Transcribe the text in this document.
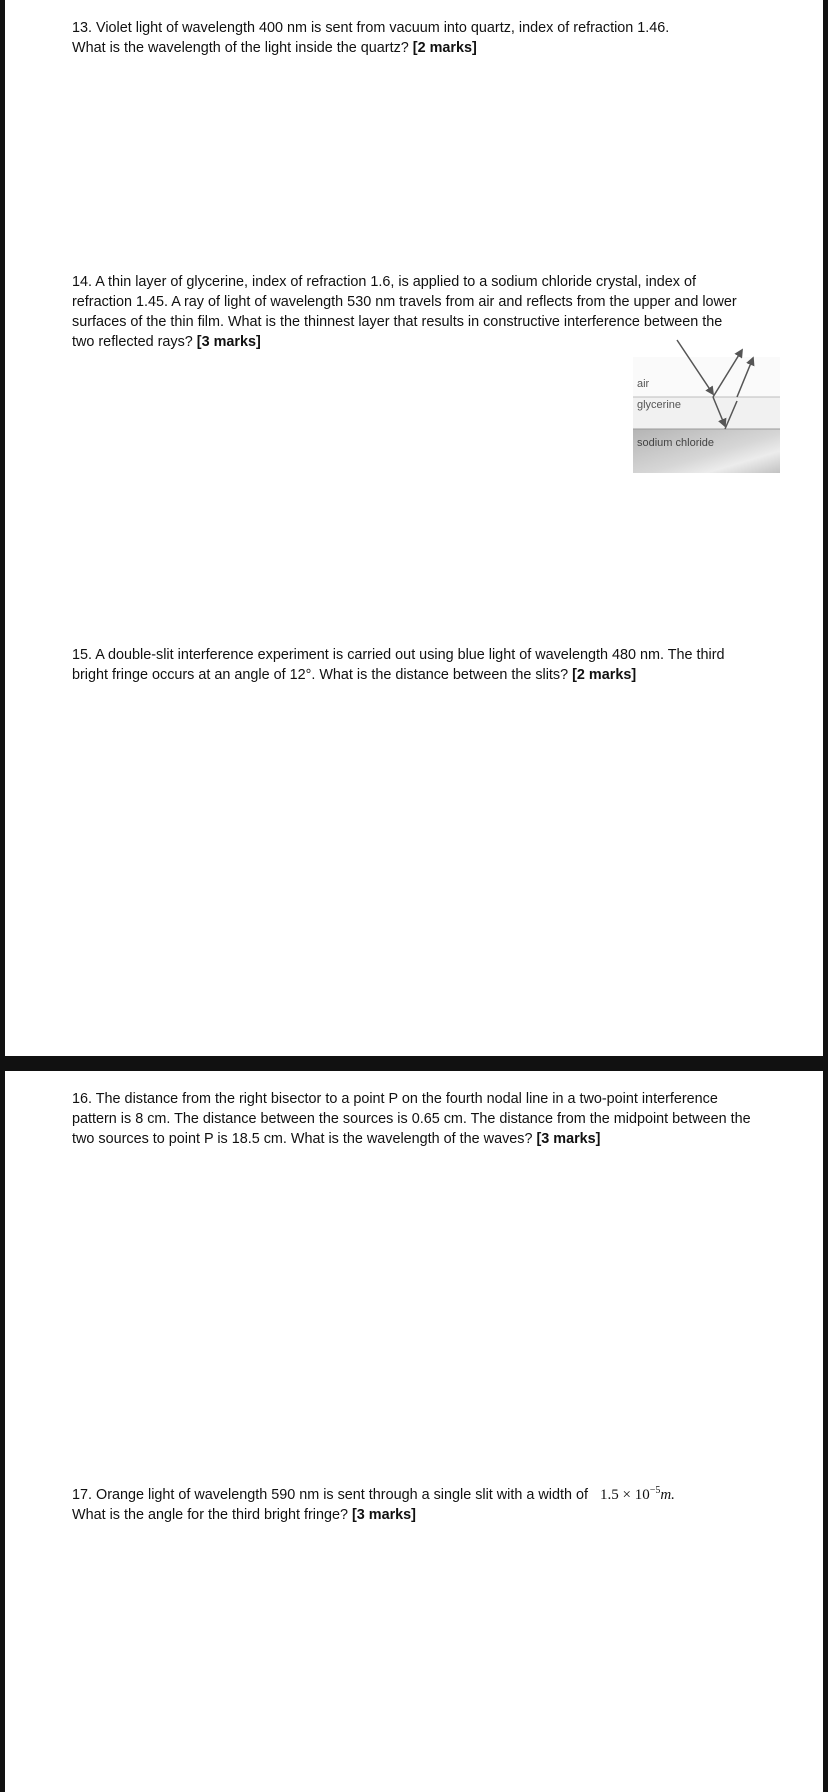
13. Violet light of wavelength 400 nm is sent from vacuum into quartz, index of refraction 1.46.
What is the wavelength of the light inside the quartz? [2 marks]
14. A thin layer of glycerine, index of refraction 1.6, is applied to a sodium chloride crystal, index of
refraction 1.45. A ray of light of wavelength 530 nm travels from air and reflects from the upper and lower
surfaces of the thin film. What is the thinnest layer that results in constructive interference between the
two reflected rays? [3 marks]
air
glycerine
sodium chloride
15. A double-slit interference experiment is carried out using blue light of wavelength 480 nm. The third
bright fringe occurs at an angle of 12°. What is the distance between the slits? [2 marks]
16. The distance from the right bisector to a point P on the fourth nodal line in a two-point interference
pattern is 8 cm. The distance between the sources is 0.65 cm. The distance from the midpoint between the
two sources to point P is 18.5 cm. What is the wavelength of the waves? [3 marks]
17. Orange light of wavelength 590 nm is sent through a single slit with a width of $1.5 \times 10^{-5}m$.
What is the angle for the third bright fringe? [3 marks]
